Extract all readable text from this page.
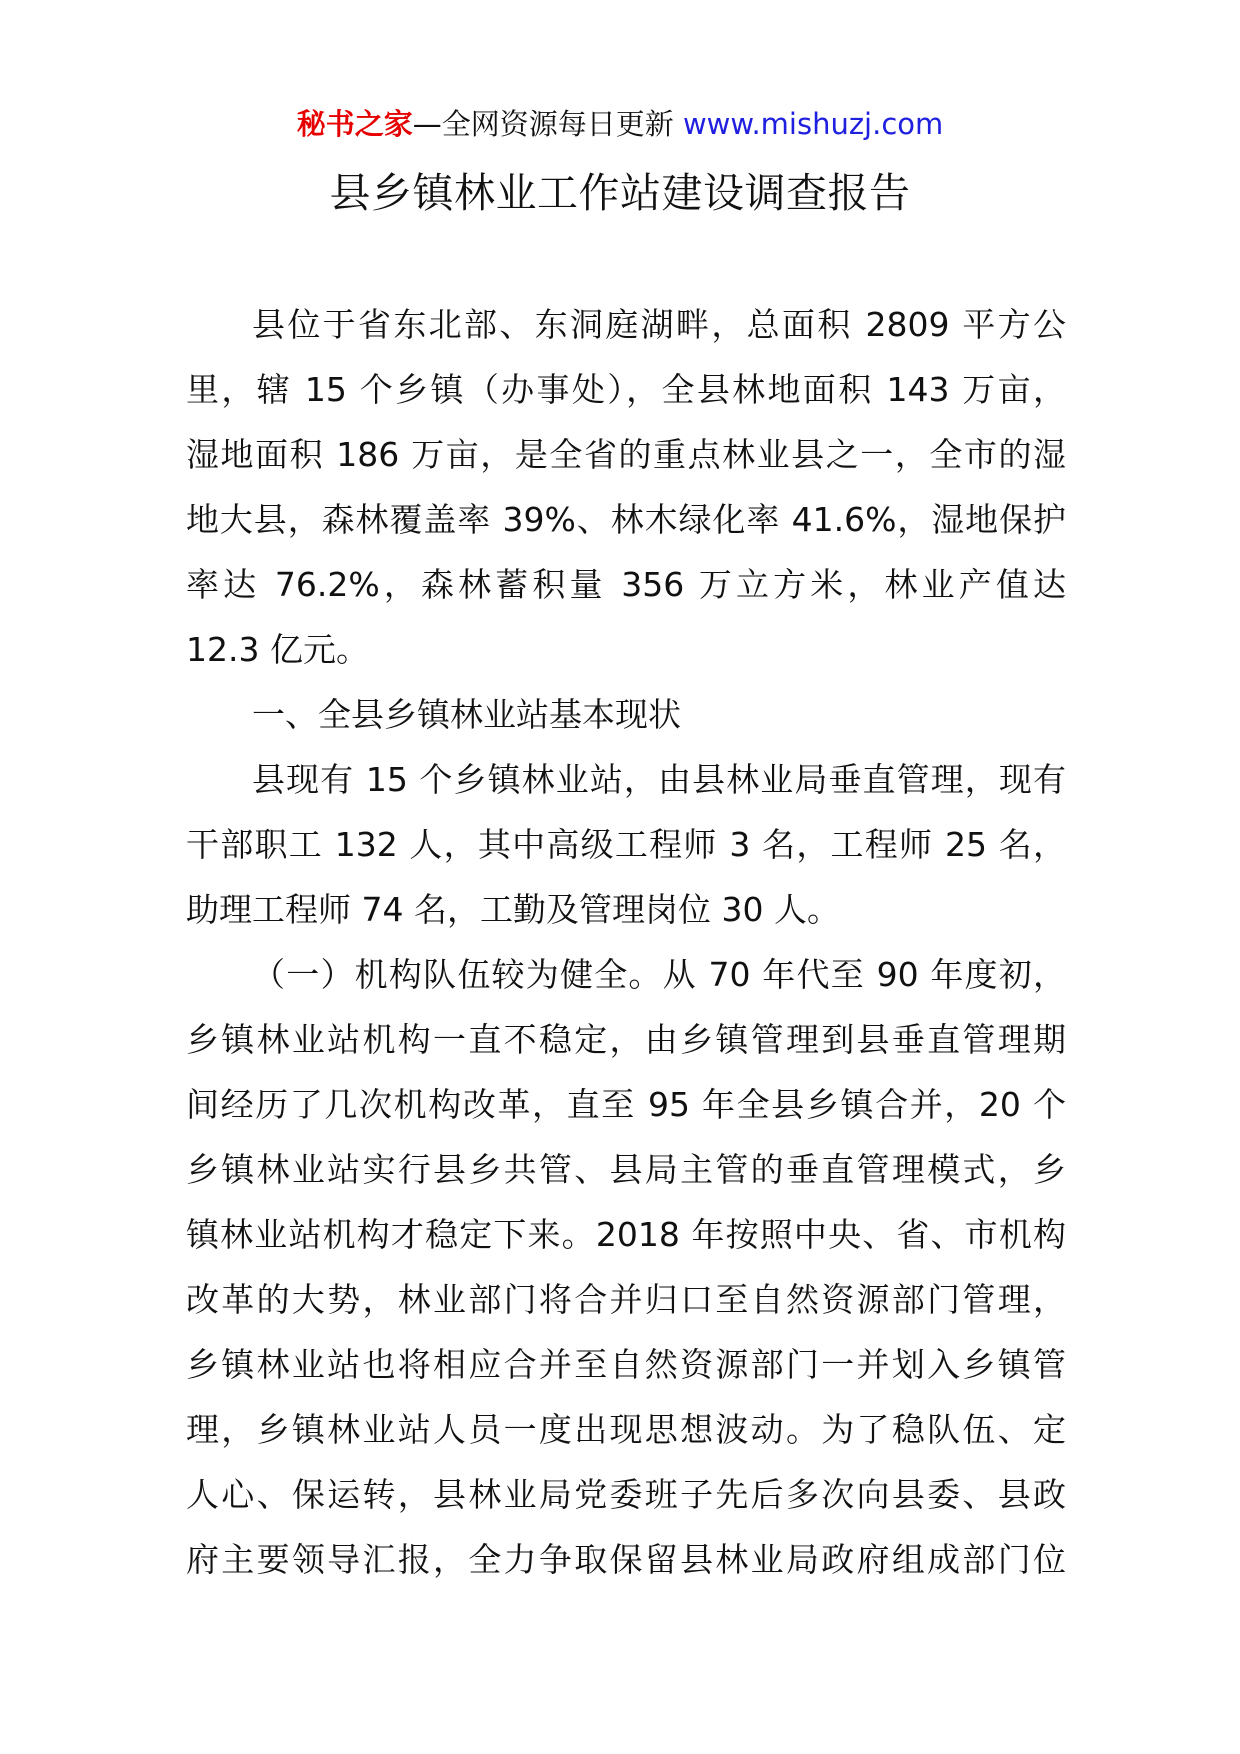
秘书之家—全网资源每日更新 www.mishuzj.com
县乡镇林业工作站建设调查报告
县位于省东北部、东洞庭湖畔，总面积 2809 平方公
里，辖 15 个乡镇（办事处），全县林地面积 143 万亩，
湿地面积 186 万亩，是全省的重点林业县之一，全市的湿
地大县，森林覆盖率 39%、林木绿化率 41.6%，湿地保护
率达 76.2%，森林蓄积量 356 万立方米，林业产值达
12.3 亿元。
一、全县乡镇林业站基本现状
县现有 15 个乡镇林业站，由县林业局垂直管理，现有
干部职工 132 人，其中高级工程师 3 名，工程师 25 名，
助理工程师 74 名，工勤及管理岗位 30 人。
（一）机构队伍较为健全。从 70 年代至 90 年度初，
乡镇林业站机构一直不稳定，由乡镇管理到县垂直管理期
间经历了几次机构改革，直至 95 年全县乡镇合并，20 个
乡镇林业站实行县乡共管、县局主管的垂直管理模式，乡
镇林业站机构才稳定下来。2018 年按照中央、省、市机构
改革的大势，林业部门将合并归口至自然资源部门管理，
乡镇林业站也将相应合并至自然资源部门一并划入乡镇管
理，乡镇林业站人员一度出现思想波动。为了稳队伍、定
人心、保运转，县林业局党委班子先后多次向县委、县政
府主要领导汇报，全力争取保留县林业局政府组成部门位
